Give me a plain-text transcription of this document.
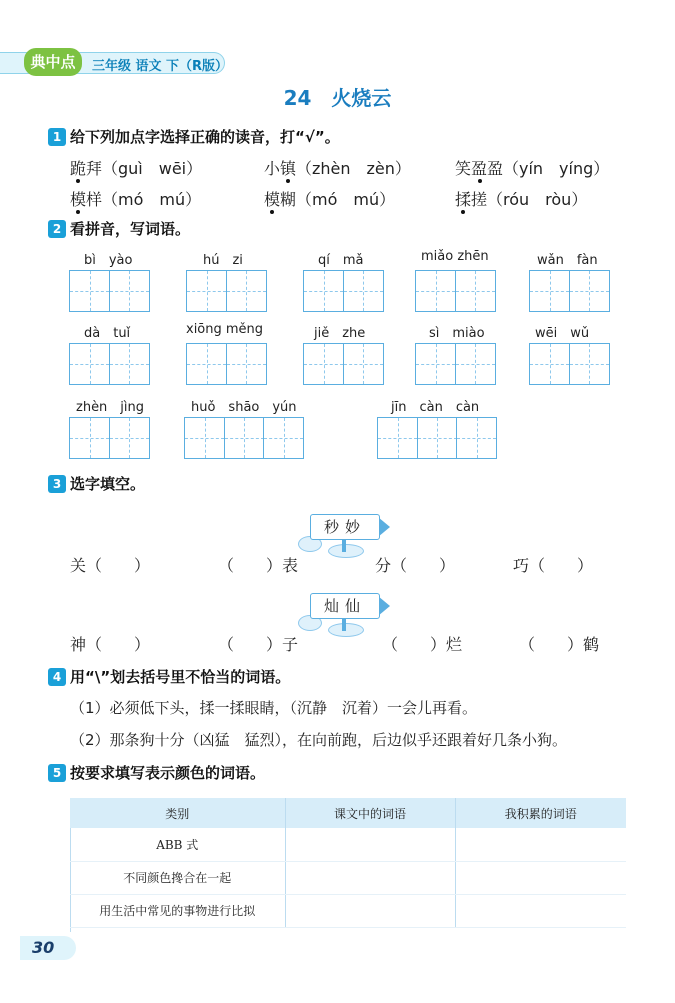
典中点	三年级 语文 下（R版）
24　火烧云
1 给下列加点字选择正确的读音，打“√”。
跪拜（guì　wēi）	小镇（zhèn　zèn）	笑盈盈（yín　yíng）
模样（mó　mú）	模糊（mó　mú）	揉搓（róu　ròu）
2 看拼音，写词语。
bì　yào	hú　zi	qí　mǎ	miǎo zhēn	wǎn　fàn
dà　tuǐ	xiōng měng	jiě　zhe	sì　miào	wēi　wǔ
zhèn　jìng	huǒ　shāo　yún	jīn　càn　càn
3 选字填空。
秒妙
关（　　）	（　　）表	分（　　）	巧（　　）
灿仙
神（　　）	（　　）子	（　　）烂	（　　）鹤
4 用“\”划去括号里不恰当的词语。
（1）必须低下头，揉一揉眼睛，（沉静　沉着）一会儿再看。
（2）那条狗十分（凶猛　猛烈），在向前跑，后边似乎还跟着好几条小狗。
5 按要求填写表示颜色的词语。
类别	课文中的词语	我积累的词语
ABB 式		
不同颜色搀合在一起		
用生活中常见的事物进行比拟		
30
